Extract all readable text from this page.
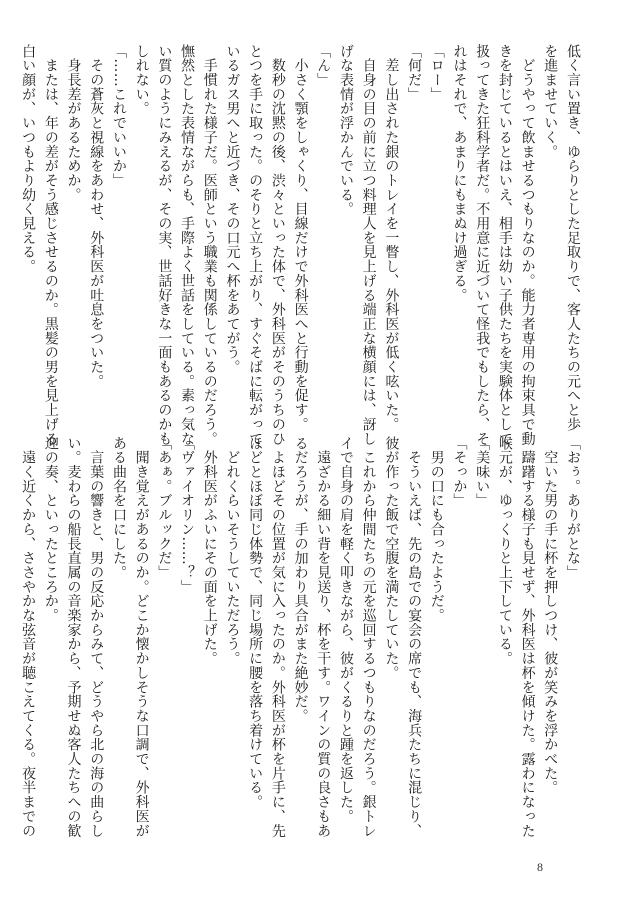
低く言い置き、ゆらりとした足取りで、客人たちの元へと歩

を進ませていく。

　どうやって飲ませるつもりなのか。能力者専用の拘束具で動

きを封じているとはいえ、相手は幼い子供たちを実験体として

扱ってきた狂科学者だ。不用意に近づいて怪我でもしたら、そ

れはそれで、あまりにもまぬけ過ぎる。

「ロー」

「何だ」

　差し出された銀のトレイを一瞥し、外科医が低く呟いた。

　自身の目の前に立つ料理人を見上げる端正な横顔には、訝し

げな表情が浮かんでいる。

「ん」

　小さく顎をしゃくり、目線だけで外科医へと行動を促す。

　数秒の沈黙の後、渋々といった体で、外科医がそのうちのひ

とつを手に取った。のそりと立ち上がり、すぐそばに転がって

いるガス男へと近づき、その口元へ杯をあてがう。

　手慣れた様子だ。医師という職業も関係しているのだろう。

憮然とした表情ながらも、手際よく世話をしている。素っ気な

い質のようにみえるが、その実、世話好きな一面もあるのかも

しれない。

「……これでいいか」

　その蒼灰と視線をあわせ、外科医が吐息をついた。

　身長差があるためか。

　または、年の差がそう感じさせるのか。黒髪の男を見上げる

白い顔が、いつもより幼く見える。

「おぅ。ありがとな」

　空いた男の手に杯を押しつけ、彼が笑みを浮かべた。

　躊躇する様子も見せず、外科医は杯を傾けた。露わになった

喉元が、ゆっくりと上下している。

「美味い」

「そっか」

　男の口にも合ったようだ。

　そういえば、先の島での宴会の席でも、海兵たちに混じり、

彼が作った飯で空腹を満たしていた。

　これから仲間たちの元を巡回するつもりなのだろう。銀トレ

イで自身の肩を軽く叩きながら、彼がくるりと踵を返した。

　遠ざかる細い背を見送り、杯を干す。ワインの質の良さもあ

るだろうが、手の加わり具合がまた絶妙だ。

　よほどその位置が気に入ったのか。外科医が杯を片手に、先

ほどとほぼ同じ体勢で、同じ場所に腰を落ち着けている。

　どれくらいそうしていただろう。

　外科医がふいにその面を上げた。

「ヴァイオリン……？」

「あぁ。ブルックだ」

　聞き覚えがあるのか。どこか懐かしそうな口調で、外科医が

ある曲名を口にした。

　言葉の響きと、男の反応からみて、どうやら北の海の曲らし

い。麦わらの船長直属の音楽家から、予期せぬ客人たちへの歓

迎の奏、といったところか。

　遠く近くから、ささやかな弦音が聴こえてくる。夜半までの

8
